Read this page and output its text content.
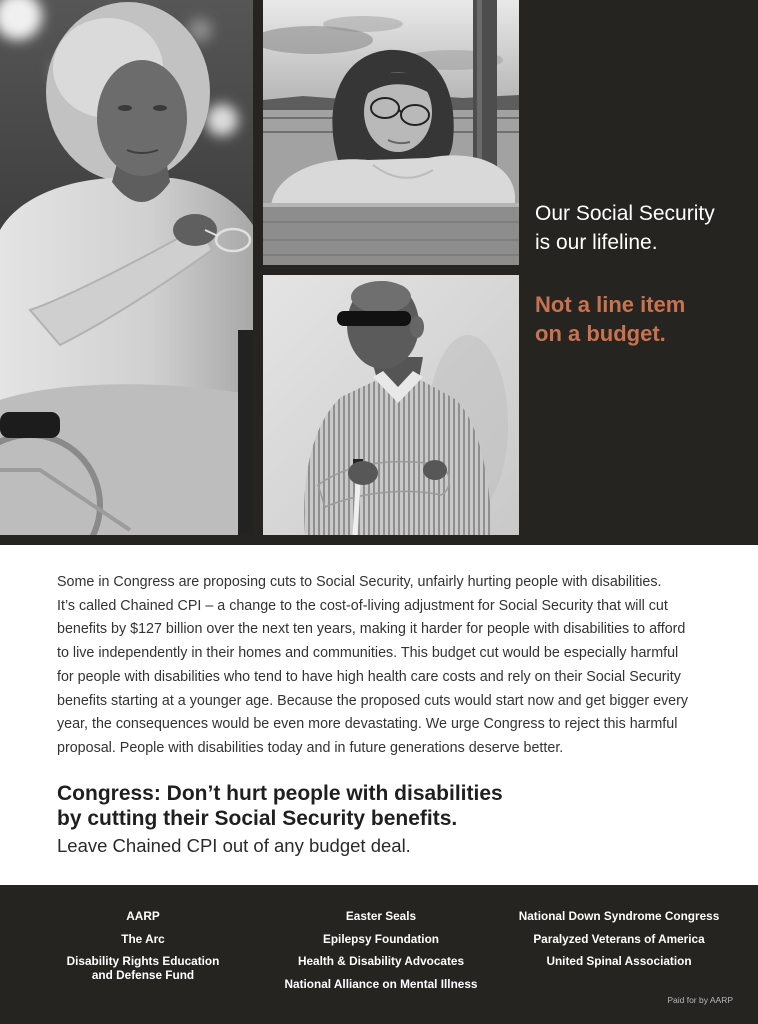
Our Social Security
is our lifeline.
Not a line item
on a budget.
Some in Congress are proposing cuts to Social Security, unfairly hurting people with disabilities.
It’s called Chained CPI – a change to the cost-of-living adjustment for Social Security that will cut
benefits by $127 billion over the next ten years, making it harder for people with disabilities to afford
to live independently in their homes and communities. This budget cut would be especially harmful
for people with disabilities who tend to have high health care costs and rely on their Social Security
benefits starting at a younger age. Because the proposed cuts would start now and get bigger every
year, the consequences would be even more devastating. We urge Congress to reject this harmful
proposal. People with disabilities today and in future generations deserve better.
Congress: Don’t hurt people with disabilities
by cutting their Social Security benefits.
Leave Chained CPI out of any budget deal.
AARP
The Arc
Disability Rights Education
and Defense Fund
Easter Seals
Epilepsy Foundation
Health & Disability Advocates
National Alliance on Mental Illness
National Down Syndrome Congress
Paralyzed Veterans of America
United Spinal Association
Paid for by AARP
